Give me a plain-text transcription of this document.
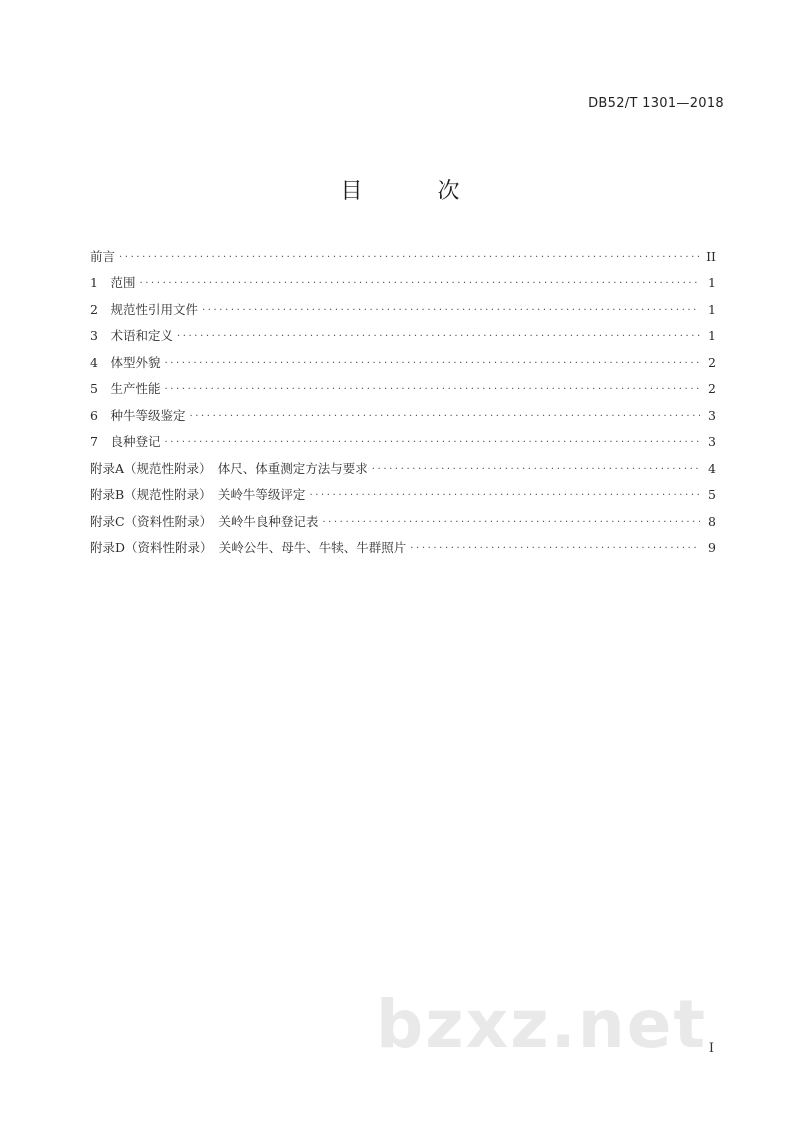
DB52/T 1301—2018
目 次
前言 .....	II
1　范围 .....	1
2　规范性引用文件 .....	1
3　术语和定义 .....	1
4　体型外貌 .....	2
5　生产性能 .....	2
6　种牛等级鉴定 .....	3
7　良种登记 .....	3
附录A（规范性附录）　体尺、体重测定方法与要求 .....	4
附录B（规范性附录）　关岭牛等级评定 .....	5
附录C（资料性附录）　关岭牛良种登记表 .....	8
附录D（资料性附录）　关岭公牛、母牛、牛犊、牛群照片 .....	9
bzxz.net I
